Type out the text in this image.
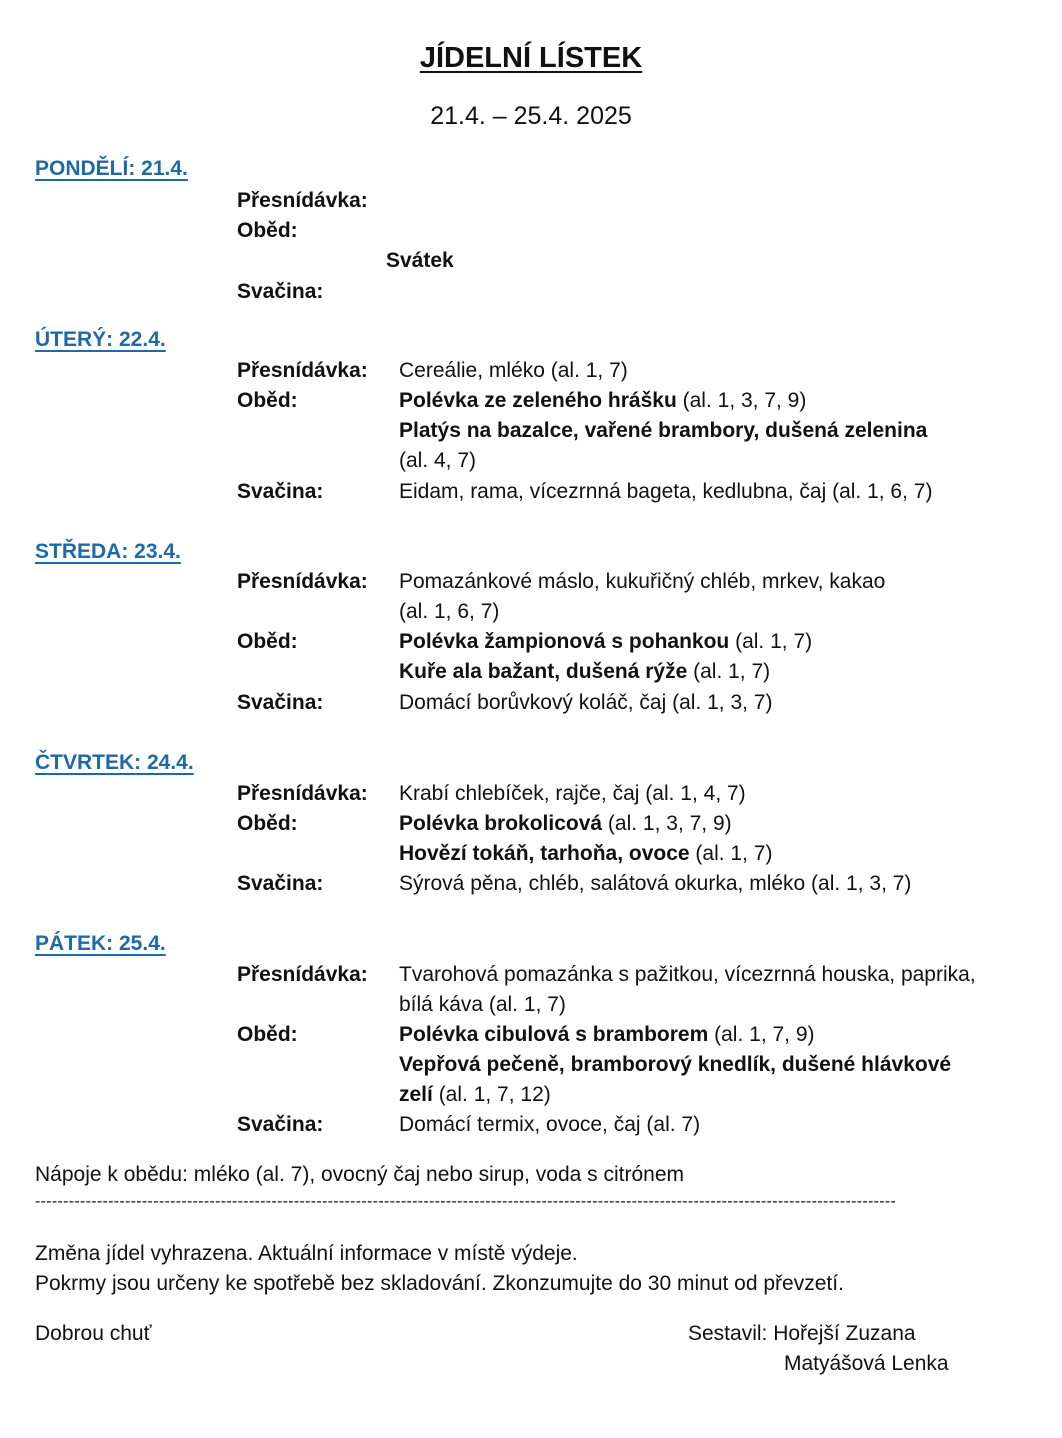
JÍDELNÍ LÍSTEK
21.4. – 25.4. 2025
PONDĚLÍ: 21.4.
Přesnídávka:
Oběd:
Svátek
Svačina:
ÚTERÝ: 22.4.
Přesnídávka: Cereálie, mléko (al. 1, 7)
Oběd:	Polévka ze zeleného hrášku (al. 1, 3, 7, 9)
Platýs na bazalce, vařené brambory, dušená zelenina
(al. 4, 7)
Svačina:	Eidam, rama, vícezrnná bageta, kedlubna, čaj (al. 1, 6, 7)
STŘEDA: 23.4.
Přesnídávka: Pomazánkové máslo, kukuřičný chléb, mrkev, kakao
(al. 1, 6, 7)
Oběd:	Polévka žampionová s pohankou (al. 1, 7)
Kuře ala bažant, dušená rýže (al. 1, 7)
Svačina:	Domácí borůvkový koláč, čaj (al. 1, 3, 7)
ČTVRTEK: 24.4.
Přesnídávka: Krabí chlebíček, rajče, čaj (al. 1, 4, 7)
Oběd:	Polévka brokolicová (al. 1, 3, 7, 9)
Hovězí tokáň, tarhoňa, ovoce (al. 1, 7)
Svačina:	Sýrová pěna, chléb, salátová okurka, mléko (al. 1, 3, 7)
PÁTEK: 25.4.
Přesnídávka: Tvarohová pomazánka s pažitkou, vícezrnná houska, paprika,
bílá káva (al. 1, 7)
Oběd:	Polévka cibulová s bramborem (al. 1, 7, 9)
Vepřová pečeně, bramborový knedlík, dušené hlávkové
zelí (al. 1, 7, 12)
Svačina:	Domácí termix, ovoce, čaj (al. 7)
Nápoje k obědu: mléko (al. 7), ovocný čaj nebo sirup, voda s citrónem
---------------------------------------------------------------------------------------------------------------------------------------------------------
Změna jídel vyhrazena. Aktuální informace v místě výdeje.
Pokrmy jsou určeny ke spotřebě bez skladování. Zkonzumujte do 30 minut od převzetí.
Dobrou chuť	Sestavil: Hořejší Zuzana
Matyášová Lenka
